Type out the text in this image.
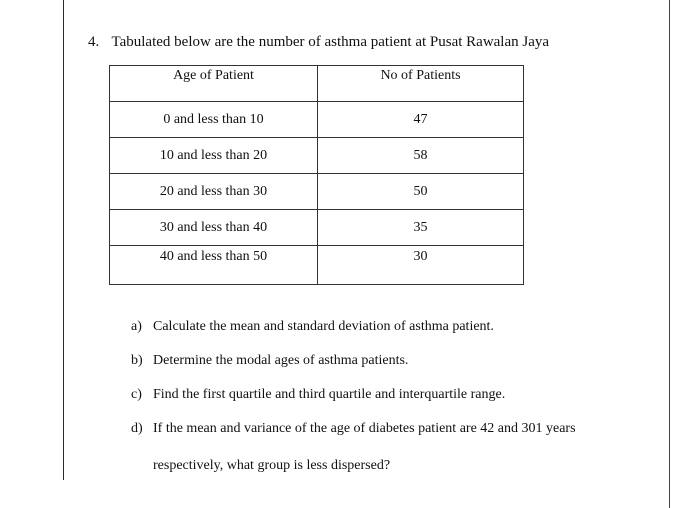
4. Tabulated below are the number of asthma patient at Pusat Rawalan Jaya
Age of Patient	No of Patients
0 and less than 10	47
10 and less than 20	58
20 and less than 30	50
30 and less than 40	35
40 and less than 50	30
a) Calculate the mean and standard deviation of asthma patient.
b) Determine the modal ages of asthma patients.
c) Find the first quartile and third quartile and interquartile range.
d) If the mean and variance of the age of diabetes patient are 42 and 301 years
respectively, what group is less dispersed?
